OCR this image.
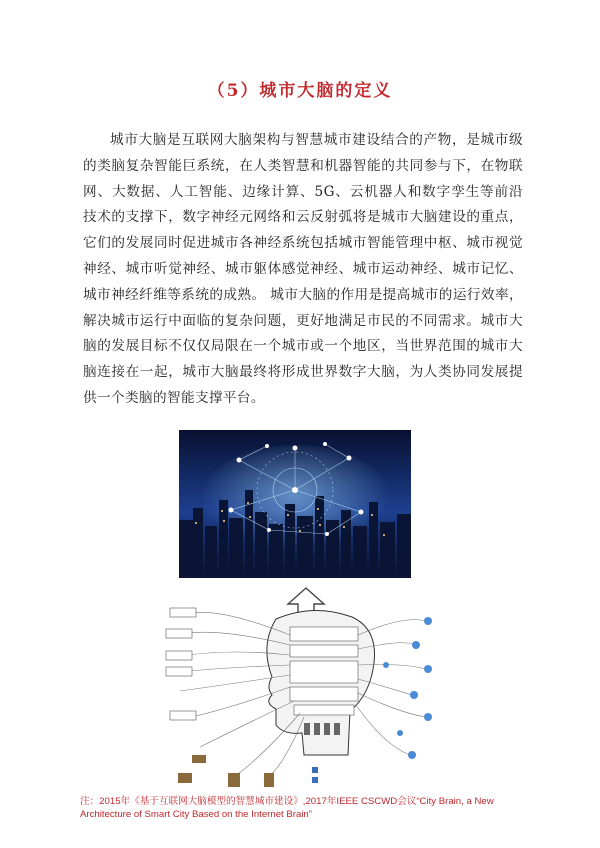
（5）城市大脑的定义
城市大脑是互联网大脑架构与智慧城市建设结合的产物，是城市级的类脑复杂智能巨系统，在人类智慧和机器智能的共同参与下，在物联网、大数据、人工智能、边缘计算、5G、云机器人和数字孪生等前沿技术的支撑下，数字神经元网络和云反射弧将是城市大脑建设的重点，它们的发展同时促进城市各神经系统包括城市智能管理中枢、城市视觉神经、城市听觉神经、城市躯体感觉神经、城市运动神经、城市记忆、城市神经纤维等系统的成熟。 城市大脑的作用是提高城市的运行效率，解决城市运行中面临的复杂问题，更好地满足市民的不同需求。城市大脑的发展目标不仅仅局限在一个城市或一个地区，当世界范围的城市大脑连接在一起，城市大脑最终将形成世界数字大脑，为人类协同发展提供一个类脑的智能支撑平台。
注：2015年《基于互联网大脑模型的智慧城市建设》,2017年IEEE CSCWD会议“City Brain, a New Architecture of Smart City Based on the Internet Brain”
